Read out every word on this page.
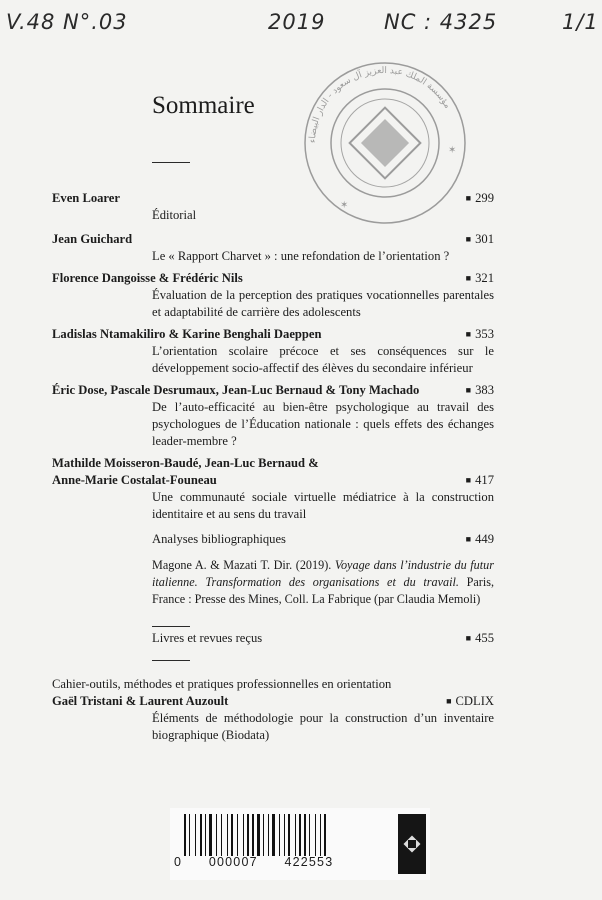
V.48 N°.03	2019	NC : 4325	1/1
مؤسسة الملك عبد العزيز آل سعود - الدار البيضاء
✶
✶
Sommaire
Even Loarer	■ 299
Éditorial
Jean Guichard	■ 301
Le « Rapport Charvet » : une refondation de l’orientation ?
Florence Dangoisse & Frédéric Nils	■ 321
Évaluation de la perception des pratiques vocationnelles parentales et adaptabilité de carrière des adolescents
Ladislas Ntamakiliro & Karine Benghali Daeppen	■ 353
L’orientation scolaire précoce et ses conséquences sur le développement socio-affectif des élèves du secondaire inférieur
Éric Dose, Pascale Desrumaux, Jean-Luc Bernaud & Tony Machado	■ 383
De l’auto-efficacité au bien-être psychologique au travail des psychologues de l’Éducation nationale : quels effets des échanges leader-membre ?
Mathilde Moisseron-Baudé, Jean-Luc Bernaud &
Anne-Marie Costalat-Founeau	■ 417
Une communauté sociale virtuelle médiatrice à la construction identitaire et au sens du travail
Analyses bibliographiques	■ 449
Magone A. & Mazati T. Dir. (2019). Voyage dans l’industrie du futur italienne. Transformation des organisations et du travail. Paris, France : Presse des Mines, Coll. La Fabrique (par Claudia Memoli)
Livres et revues reçus	■ 455
Cahier-outils, méthodes et pratiques professionnelles en orientation
Gaël Tristani & Laurent Auzoult	■ CDLIX
Éléments de méthodologie pour la construction d’un inventaire biographique (Biodata)
0 000007 422553
